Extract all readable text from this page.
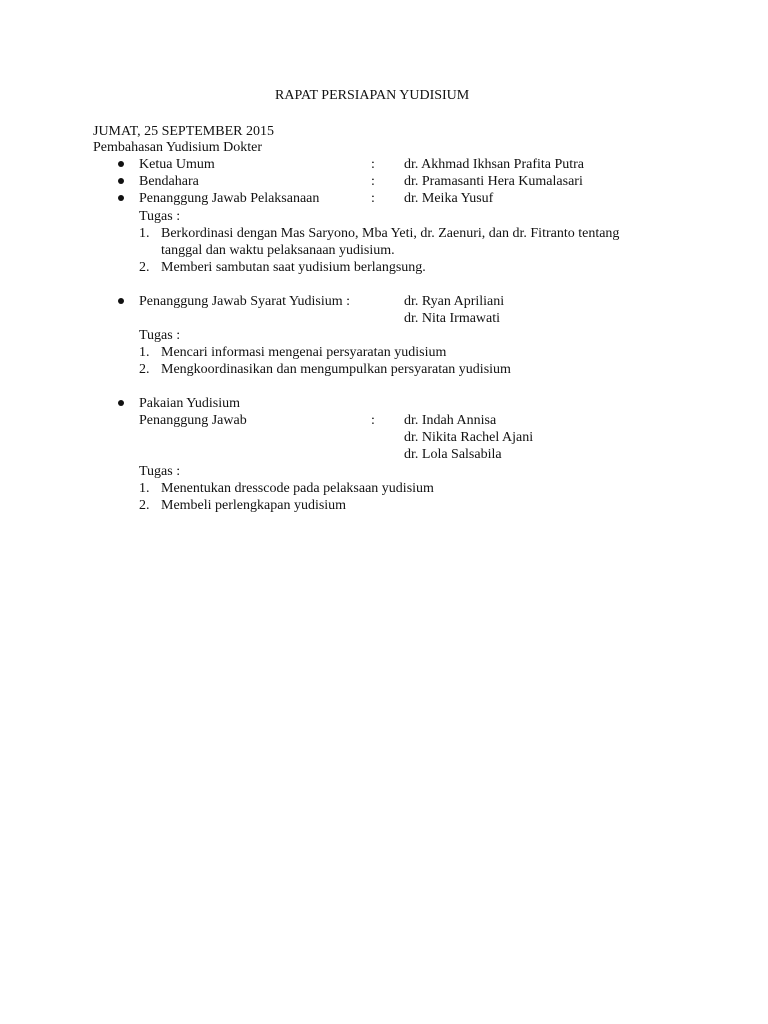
RAPAT PERSIAPAN YUDISIUM
JUMAT, 25 SEPTEMBER 2015
Pembahasan Yudisium Dokter
Ketua Umum	: dr. Akhmad Ikhsan Prafita Putra
Bendahara	: dr. Pramasanti Hera Kumalasari
Penanggung Jawab Pelaksanaan	: dr. Meika Yusuf
Tugas :
1. Berkordinasi dengan Mas Saryono, Mba Yeti, dr. Zaenuri, dan dr. Fitranto tentang
tanggal dan waktu pelaksanaan yudisium.
2. Memberi sambutan saat yudisium berlangsung.
Penanggung Jawab Syarat Yudisium :	dr. Ryan Apriliani
dr. Nita Irmawati
Tugas :
1. Mencari informasi mengenai persyaratan yudisium
2. Mengkoordinasikan dan mengumpulkan persyaratan yudisium
Pakaian Yudisium
Penanggung Jawab	: dr. Indah Annisa
dr. Nikita Rachel Ajani
dr. Lola Salsabila
Tugas :
1. Menentukan dresscode pada pelaksaan yudisium
2. Membeli perlengkapan yudisium
